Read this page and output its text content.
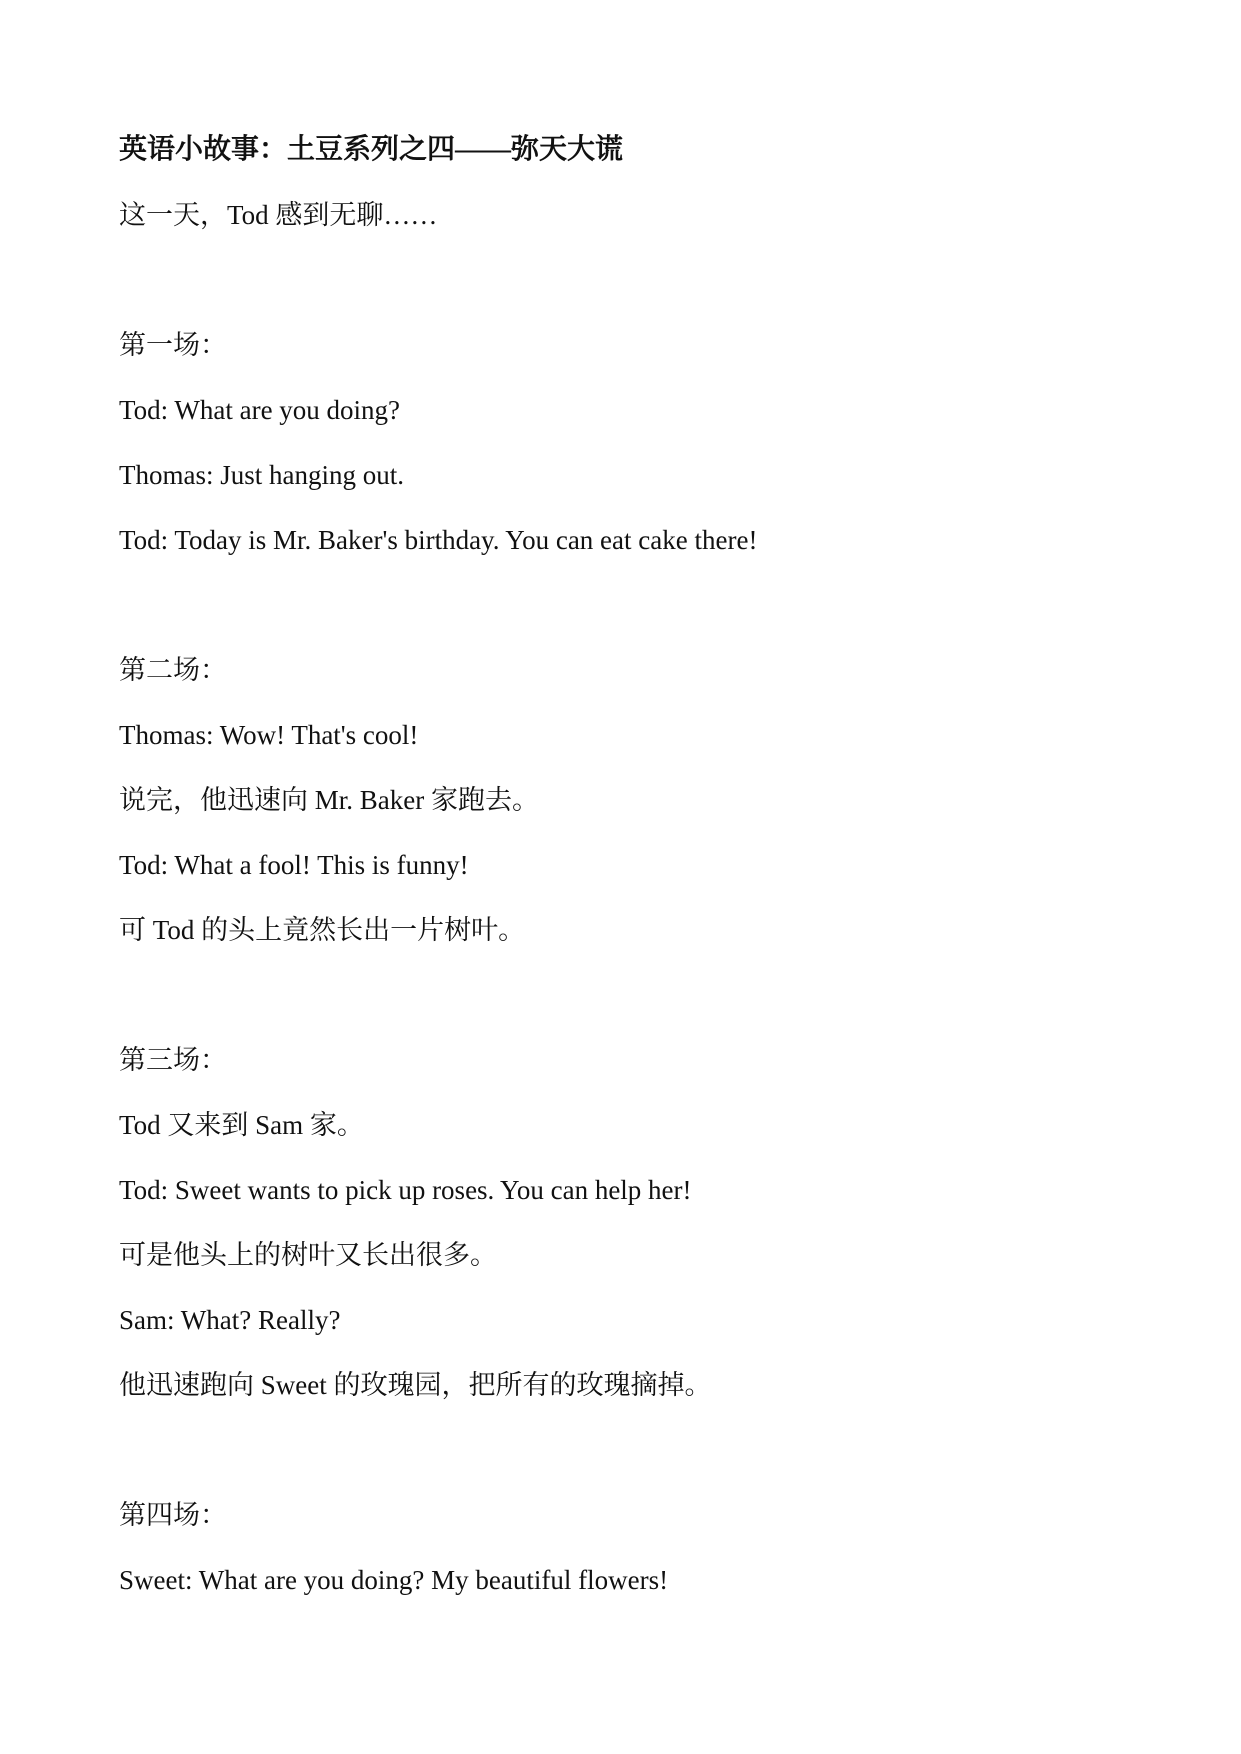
英语小故事：土豆系列之四——弥天大谎
这一天，Tod 感到无聊……
第一场：
Tod: What are you doing?
Thomas: Just hanging out.
Tod: Today is Mr. Baker's birthday. You can eat cake there!
第二场：
Thomas: Wow! That's cool!
说完，他迅速向 Mr. Baker 家跑去。
Tod: What a fool! This is funny!
可 Tod 的头上竟然长出一片树叶。
第三场：
Tod 又来到 Sam 家。
Tod: Sweet wants to pick up roses. You can help her!
可是他头上的树叶又长出很多。
Sam: What? Really?
他迅速跑向 Sweet 的玫瑰园，把所有的玫瑰摘掉。
第四场：
Sweet: What are you doing? My beautiful flowers!
